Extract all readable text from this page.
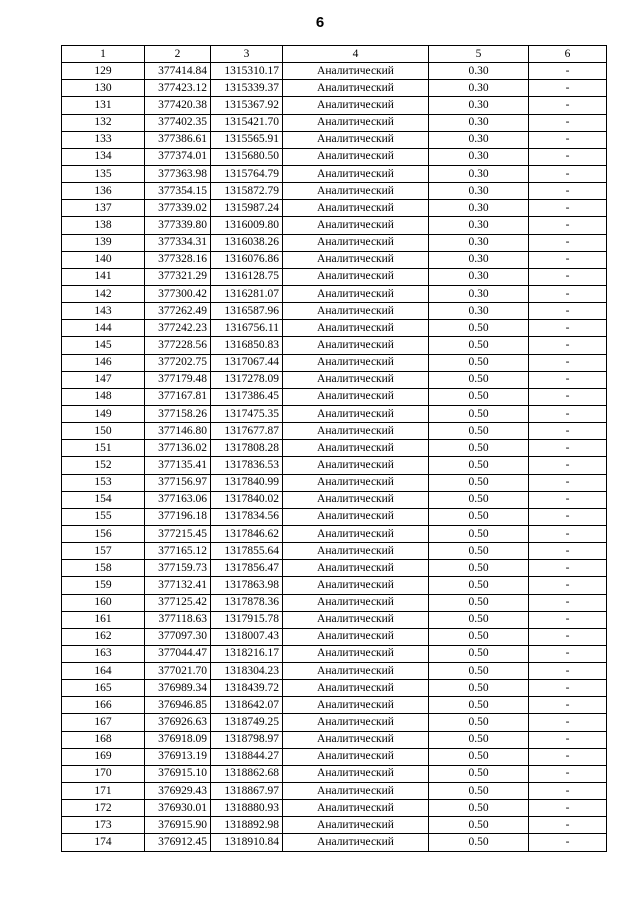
6
1	2	3	4	5	6
129	377414.84	1315310.17	Аналитический	0.30	-
130	377423.12	1315339.37	Аналитический	0.30	-
131	377420.38	1315367.92	Аналитический	0.30	-
132	377402.35	1315421.70	Аналитический	0.30	-
133	377386.61	1315565.91	Аналитический	0.30	-
134	377374.01	1315680.50	Аналитический	0.30	-
135	377363.98	1315764.79	Аналитический	0.30	-
136	377354.15	1315872.79	Аналитический	0.30	-
137	377339.02	1315987.24	Аналитический	0.30	-
138	377339.80	1316009.80	Аналитический	0.30	-
139	377334.31	1316038.26	Аналитический	0.30	-
140	377328.16	1316076.86	Аналитический	0.30	-
141	377321.29	1316128.75	Аналитический	0.30	-
142	377300.42	1316281.07	Аналитический	0.30	-
143	377262.49	1316587.96	Аналитический	0.30	-
144	377242.23	1316756.11	Аналитический	0.50	-
145	377228.56	1316850.83	Аналитический	0.50	-
146	377202.75	1317067.44	Аналитический	0.50	-
147	377179.48	1317278.09	Аналитический	0.50	-
148	377167.81	1317386.45	Аналитический	0.50	-
149	377158.26	1317475.35	Аналитический	0.50	-
150	377146.80	1317677.87	Аналитический	0.50	-
151	377136.02	1317808.28	Аналитический	0.50	-
152	377135.41	1317836.53	Аналитический	0.50	-
153	377156.97	1317840.99	Аналитический	0.50	-
154	377163.06	1317840.02	Аналитический	0.50	-
155	377196.18	1317834.56	Аналитический	0.50	-
156	377215.45	1317846.62	Аналитический	0.50	-
157	377165.12	1317855.64	Аналитический	0.50	-
158	377159.73	1317856.47	Аналитический	0.50	-
159	377132.41	1317863.98	Аналитический	0.50	-
160	377125.42	1317878.36	Аналитический	0.50	-
161	377118.63	1317915.78	Аналитический	0.50	-
162	377097.30	1318007.43	Аналитический	0.50	-
163	377044.47	1318216.17	Аналитический	0.50	-
164	377021.70	1318304.23	Аналитический	0.50	-
165	376989.34	1318439.72	Аналитический	0.50	-
166	376946.85	1318642.07	Аналитический	0.50	-
167	376926.63	1318749.25	Аналитический	0.50	-
168	376918.09	1318798.97	Аналитический	0.50	-
169	376913.19	1318844.27	Аналитический	0.50	-
170	376915.10	1318862.68	Аналитический	0.50	-
171	376929.43	1318867.97	Аналитический	0.50	-
172	376930.01	1318880.93	Аналитический	0.50	-
173	376915.90	1318892.98	Аналитический	0.50	-
174	376912.45	1318910.84	Аналитический	0.50	-
